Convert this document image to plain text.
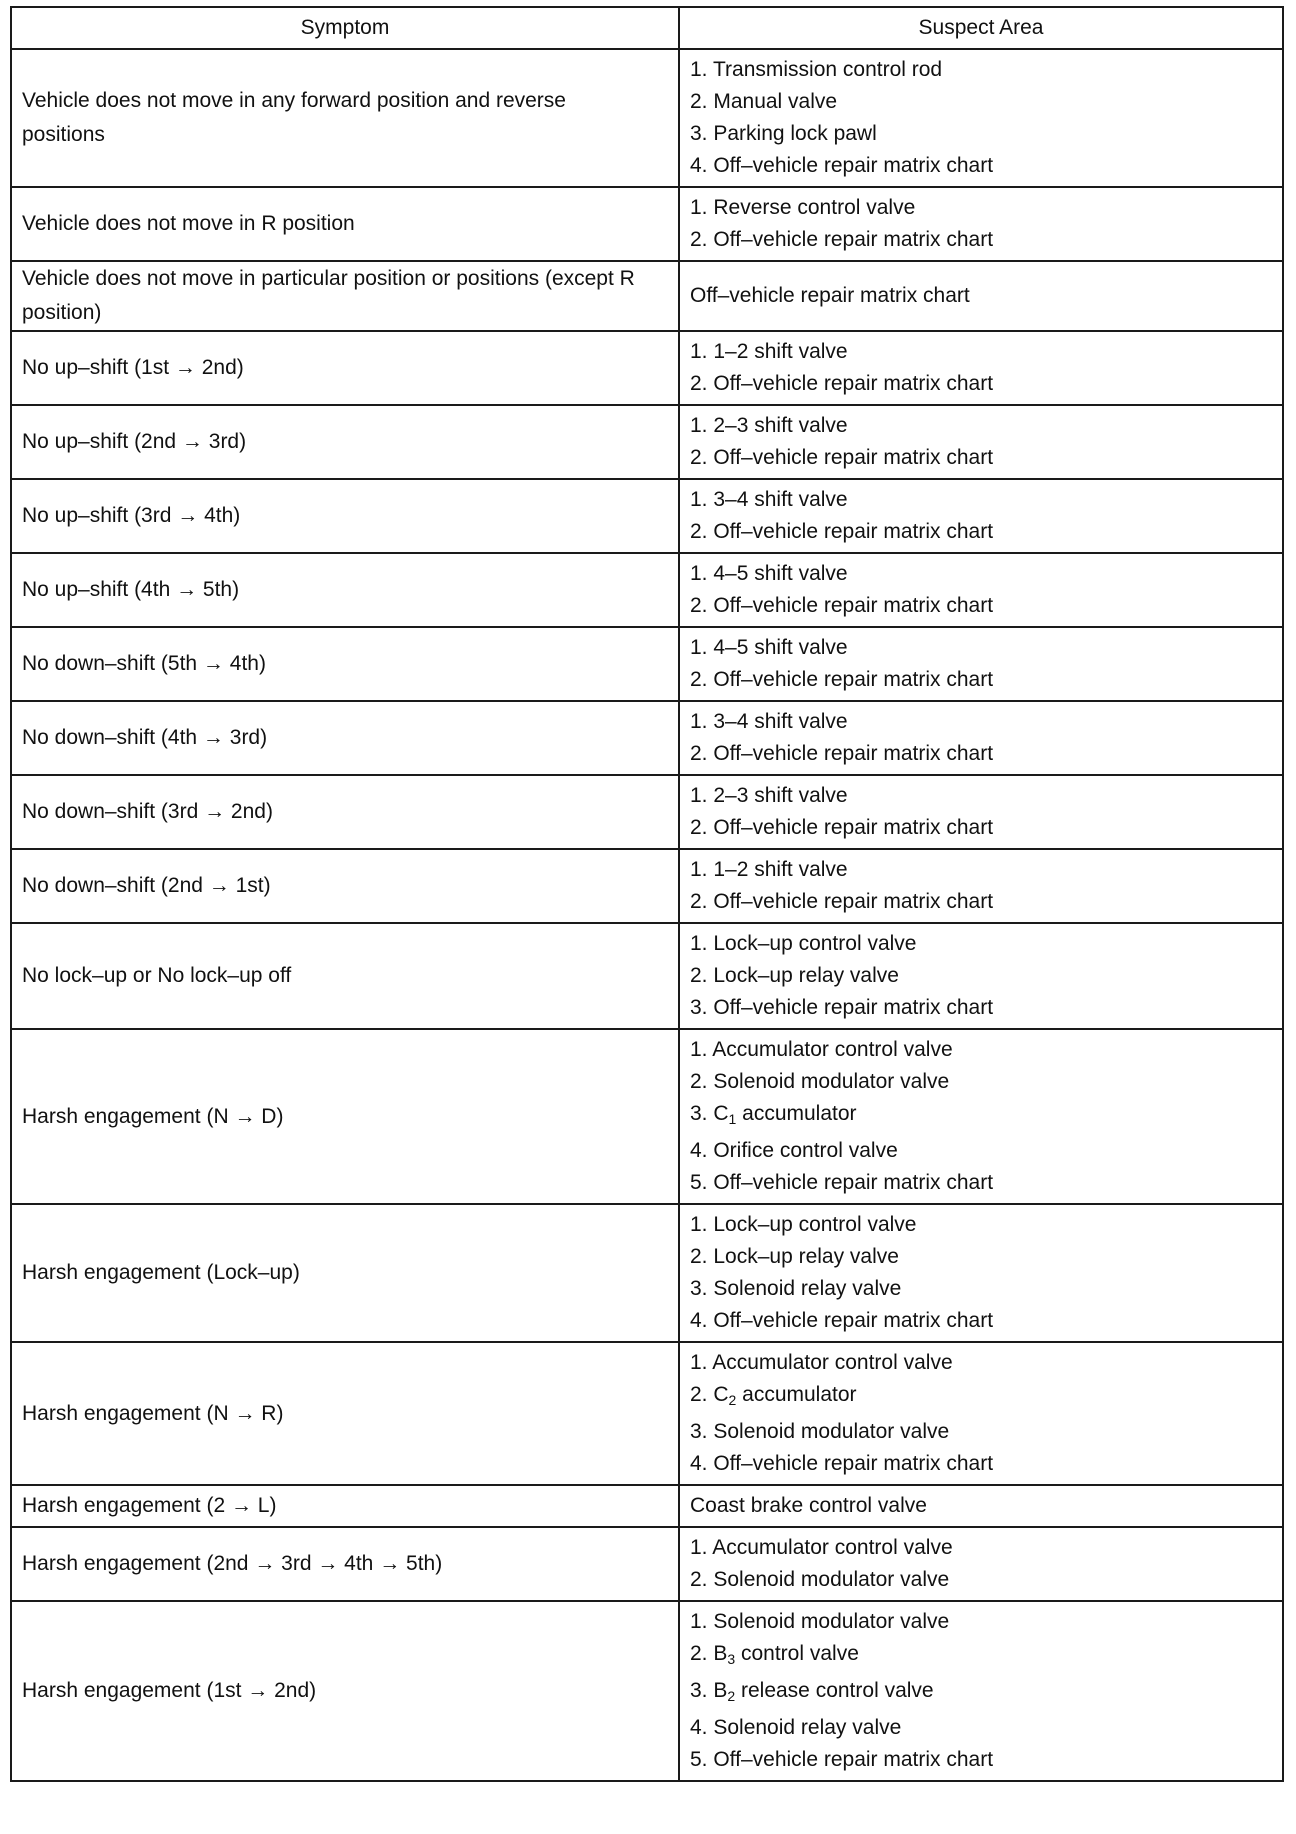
Symptom	Suspect Area
Vehicle does not move in any forward position and reverse positions	1. Transmission control rod
2. Manual valve
3. Parking lock pawl
4. Off–vehicle repair matrix chart

Vehicle does not move in R position	1. Reverse control valve
2. Off–vehicle repair matrix chart

Vehicle does not move in particular position or positions (except R position)	Off–vehicle repair matrix chart

No up–shift (1st → 2nd)	1. 1–2 shift valve
2. Off–vehicle repair matrix chart

No up–shift (2nd → 3rd)	1. 2–3 shift valve
2. Off–vehicle repair matrix chart

No up–shift (3rd → 4th)	1. 3–4 shift valve
2. Off–vehicle repair matrix chart

No up–shift (4th → 5th)	1. 4–5 shift valve
2. Off–vehicle repair matrix chart

No down–shift (5th → 4th)	1. 4–5 shift valve
2. Off–vehicle repair matrix chart

No down–shift (4th → 3rd)	1. 3–4 shift valve
2. Off–vehicle repair matrix chart

No down–shift (3rd → 2nd)	1. 2–3 shift valve
2. Off–vehicle repair matrix chart

No down–shift (2nd → 1st)	1. 1–2 shift valve
2. Off–vehicle repair matrix chart

No lock–up or No lock–up off	1. Lock–up control valve
2. Lock–up relay valve
3. Off–vehicle repair matrix chart

Harsh engagement (N → D)	1. Accumulator control valve
2. Solenoid modulator valve
3. $C_1$ accumulator
4. Orifice control valve
5. Off–vehicle repair matrix chart

Harsh engagement (Lock–up)	1. Lock–up control valve
2. Lock–up relay valve
3. Solenoid relay valve
4. Off–vehicle repair matrix chart

Harsh engagement (N → R)	1. Accumulator control valve
2. $C_2$ accumulator
3. Solenoid modulator valve
4. Off–vehicle repair matrix chart

Harsh engagement (2 → L)	Coast brake control valve

Harsh engagement (2nd → 3rd → 4th → 5th)	1. Accumulator control valve
2. Solenoid modulator valve

Harsh engagement (1st → 2nd)	1. Solenoid modulator valve
2. $B_3$ control valve
3. $B_2$ release control valve
4. Solenoid relay valve
5. Off–vehicle repair matrix chart
